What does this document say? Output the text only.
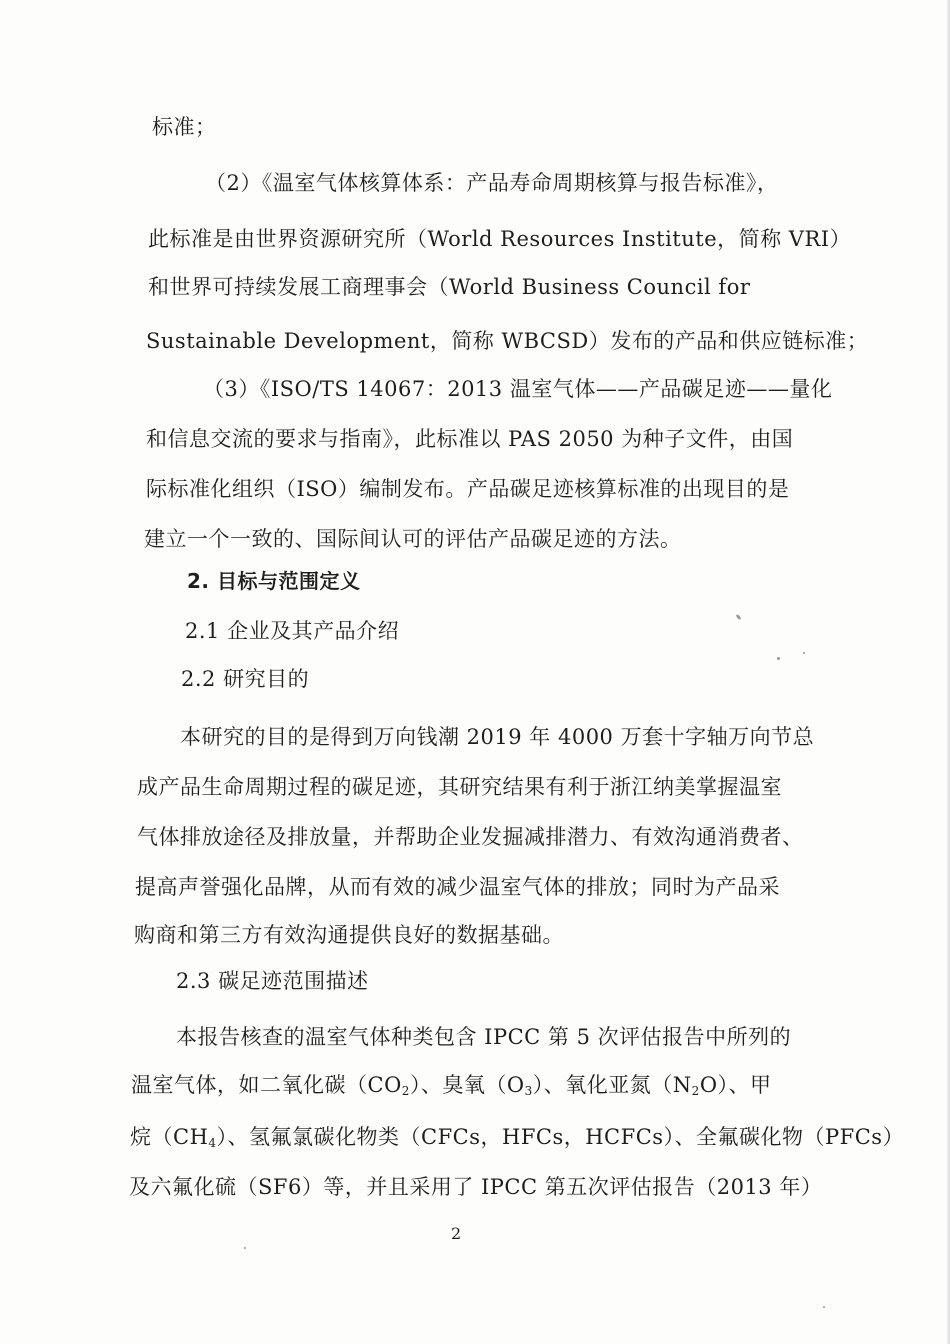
标准；
（2）《温室气体核算体系：产品寿命周期核算与报告标准》，
此标准是由世界资源研究所（World Resources Institute，简称 VRI）
和世界可持续发展工商理事会（World Business Council for
Sustainable Development，简称 WBCSD）发布的产品和供应链标准；
（3）《ISO/TS 14067：2013 温室气体——产品碳足迹——量化
和信息交流的要求与指南》，此标准以 PAS 2050 为种子文件，由国
际标准化组织（ISO）编制发布。产品碳足迹核算标准的出现目的是
建立一个一致的、国际间认可的评估产品碳足迹的方法。
2. 目标与范围定义
2.1 企业及其产品介绍
2.2 研究目的
本研究的目的是得到万向钱潮 2019 年 4000 万套十字轴万向节总
成产品生命周期过程的碳足迹，其研究结果有利于浙江纳美掌握温室
气体排放途径及排放量，并帮助企业发掘减排潜力、有效沟通消费者、
提高声誉强化品牌，从而有效的减少温室气体的排放；同时为产品采
购商和第三方有效沟通提供良好的数据基础。
2.3 碳足迹范围描述
本报告核查的温室气体种类包含 IPCC 第 5 次评估报告中所列的
温室气体，如二氧化碳$(CO_2)$、臭氧$(O_3)$、氧化亚氮$(N_2O)$、甲
烷$(CH_4)$、氢氟氯碳化物类（CFCs，HFCs，HCFCs）、全氟碳化物（PFCs）
及六氟化硫（SF6）等，并且采用了 IPCC 第五次评估报告（2013 年）
2
